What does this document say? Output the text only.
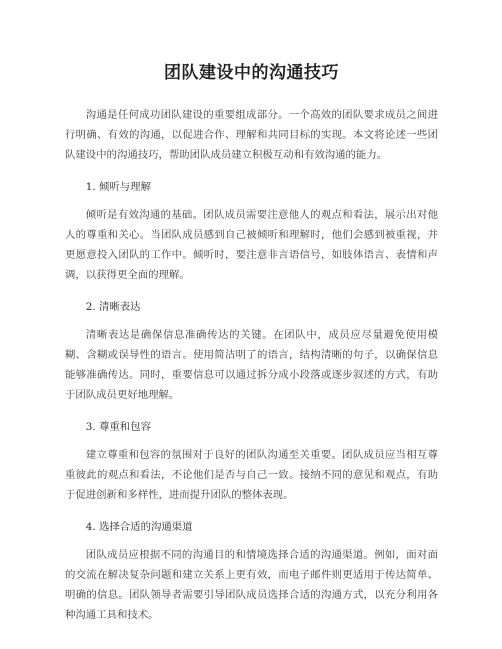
团队建设中的沟通技巧

沟通是任何成功团队建设的重要组成部分。一个高效的团队要求成员之间进行明确、有效的沟通，以促进合作、理解和共同目标的实现。本文将论述一些团队建设中的沟通技巧，帮助团队成员建立积极互动和有效沟通的能力。

1. 倾听与理解

倾听是有效沟通的基础。团队成员需要注意他人的观点和看法，展示出对他人的尊重和关心。当团队成员感到自己被倾听和理解时，他们会感到被重视，并更愿意投入团队的工作中。倾听时，要注意非言语信号，如肢体语言、表情和声调，以获得更全面的理解。

2. 清晰表达

清晰表达是确保信息准确传达的关键。在团队中，成员应尽量避免使用模糊、含糊或误导性的语言。使用简洁明了的语言，结构清晰的句子，以确保信息能够准确传达。同时，重要信息可以通过拆分成小段落或逐步叙述的方式，有助于团队成员更好地理解。

3. 尊重和包容

建立尊重和包容的氛围对于良好的团队沟通至关重要。团队成员应当相互尊重彼此的观点和看法，不论他们是否与自己一致。接纳不同的意见和观点，有助于促进创新和多样性，进而提升团队的整体表现。

4. 选择合适的沟通渠道

团队成员应根据不同的沟通目的和情境选择合适的沟通渠道。例如，面对面的交流在解决复杂问题和建立关系上更有效，而电子邮件则更适用于传达简单、明确的信息。团队领导者需要引导团队成员选择合适的沟通方式，以充分利用各种沟通工具和技术。
